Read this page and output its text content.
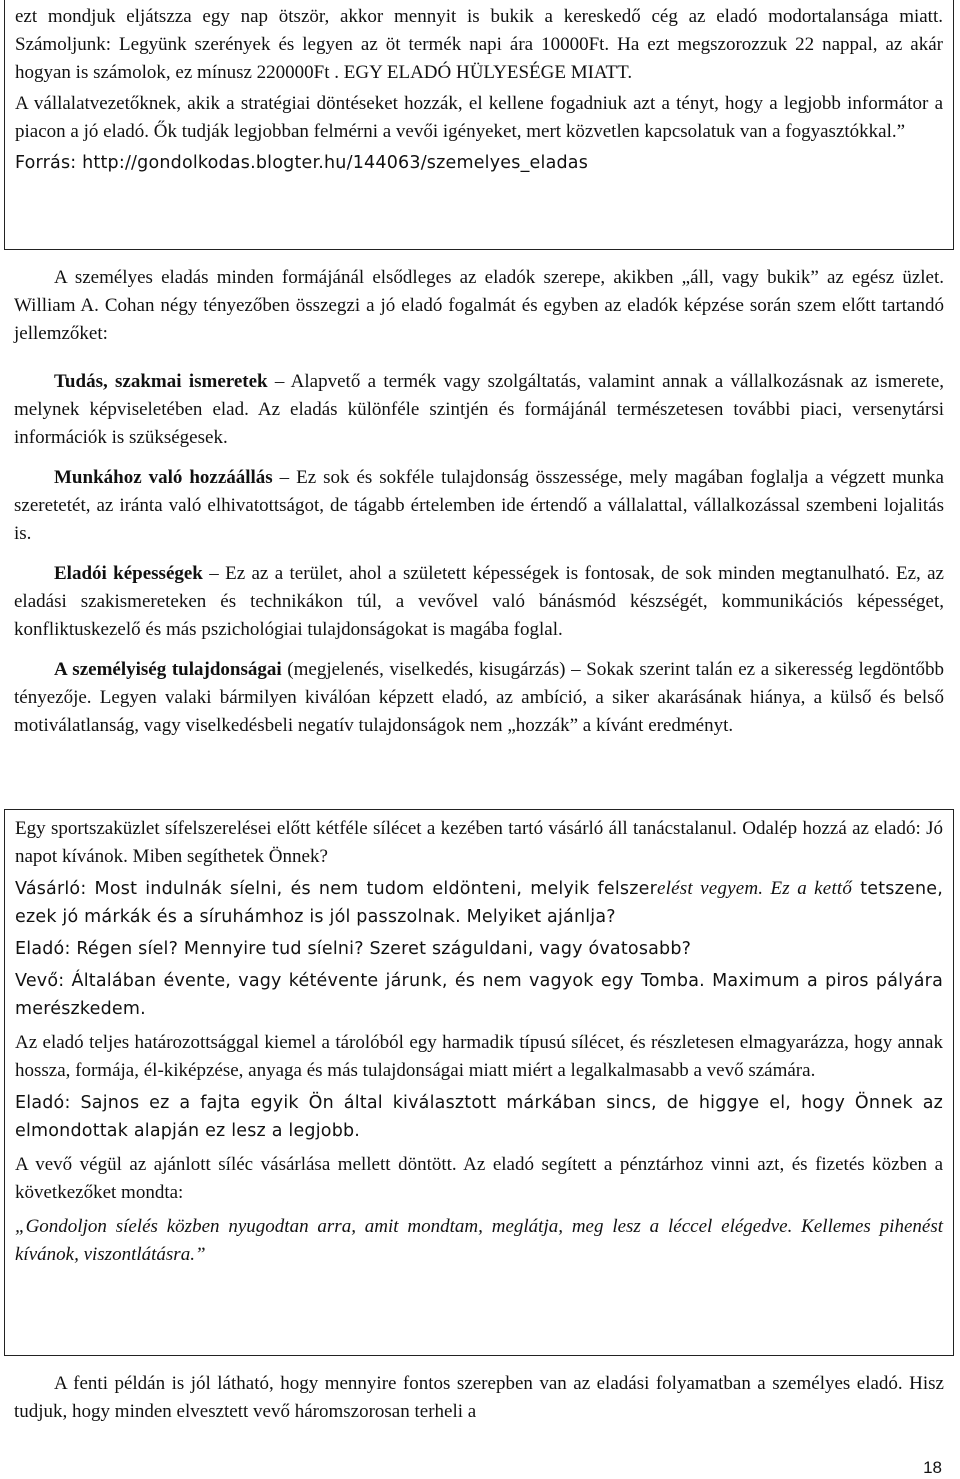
ezt mondjuk eljátszza egy nap ötször, akkor mennyit is bukik a kereskedő cég az eladó modortalansága miatt. Számoljunk: Legyünk szerények és legyen az öt termék napi ára 10000Ft. Ha ezt megszorozzuk 22 nappal, az akár hogyan is számolok, ez mínusz 220000Ft . EGY ELADÓ HÜLYESÉGE MIATT.

A vállalatvezetőknek, akik a stratégiai döntéseket hozzák, el kellene fogadniuk azt a tényt, hogy a legjobb informátor a piacon a jó eladó. Ők tudják legjobban felmérni a vevői igényeket, mert közvetlen kapcsolatuk van a fogyasztókkal.”

Forrás: http://gondolkodas.blogter.hu/144063/szemelyes_eladas

A személyes eladás minden formájánál elsődleges az eladók szerepe, akikben „áll, vagy bukik” az egész üzlet. William A. Cohan négy tényezőben összegzi a jó eladó fogalmát és egyben az eladók képzése során szem előtt tartandó jellemzőket:

Tudás, szakmai ismeretek – Alapvető a termék vagy szolgáltatás, valamint annak a vállalkozásnak az ismerete, melynek képviseletében elad. Az eladás különféle szintjén és formájánál természetesen további piaci, versenytársi információk is szükségesek.

Munkához való hozzáállás – Ez sok és sokféle tulajdonság összessége, mely magában foglalja a végzett munka szeretetét, az iránta való elhivatottságot, de tágabb értelemben ide értendő a vállalattal, vállalkozással szembeni lojalitás is.

Eladói képességek – Ez az a terület, ahol a született képességek is fontosak, de sok minden megtanulható. Ez, az eladási szakismereteken és technikákon túl, a vevővel való bánásmód készségét, kommunikációs képességet, konfliktuskezelő és más pszichológiai tulajdonságokat is magába foglal.

A személyiség tulajdonságai (megjelenés, viselkedés, kisugárzás) – Sokak szerint talán ez a sikeresség legdöntőbb tényezője. Legyen valaki bármilyen kiválóan képzett eladó, az ambíció, a siker akarásának hiánya, a külső és belső motiválatlanság, vagy viselkedésbeli negatív tulajdonságok nem „hozzák” a kívánt eredményt.

Egy sportszaküzlet sífelszerelései előtt kétféle sílécet a kezében tartó vásárló áll tanácstalanul. Odalép hozzá az eladó: Jó napot kívánok. Miben segíthetek Önnek?

Vásárló: Most indulnák síelni, és nem tudom eldönteni, melyik felszerelést vegyem. Ez a kettő tetszene, ezek jó márkák és a síruhámhoz is jól passzolnak. Melyiket ajánlja?

Eladó: Régen síel? Mennyire tud síelni? Szeret száguldani, vagy óvatosabb?

Vevő: Általában évente, vagy kétévente járunk, és nem vagyok egy Tomba. Maximum a piros pályára merészkedem.

Az eladó teljes határozottsággal kiemel a tárolóból egy harmadik típusú sílécet, és részletesen elmagyarázza, hogy annak hossza, formája, él-kiképzése, anyaga és más tulajdonságai miatt miért a legalkalmasabb a vevő számára.

Eladó: Sajnos ez a fajta egyik Ön által kiválasztott márkában sincs, de higgye el, hogy Önnek az elmondottak alapján ez lesz a legjobb.

A vevő végül az ajánlott síléc vásárlása mellett döntött. Az eladó segített a pénztárhoz vinni azt, és fizetés közben a következőket mondta:

„Gondoljon síelés közben nyugodtan arra, amit mondtam, meglátja, meg lesz a léccel elégedve. Kellemes pihenést kívánok, viszontlátásra.”

A fenti példán is jól látható, hogy mennyire fontos szerepben van az eladási folyamatban a személyes eladó. Hisz tudjuk, hogy minden elvesztett vevő háromszorosan terheli a

18
